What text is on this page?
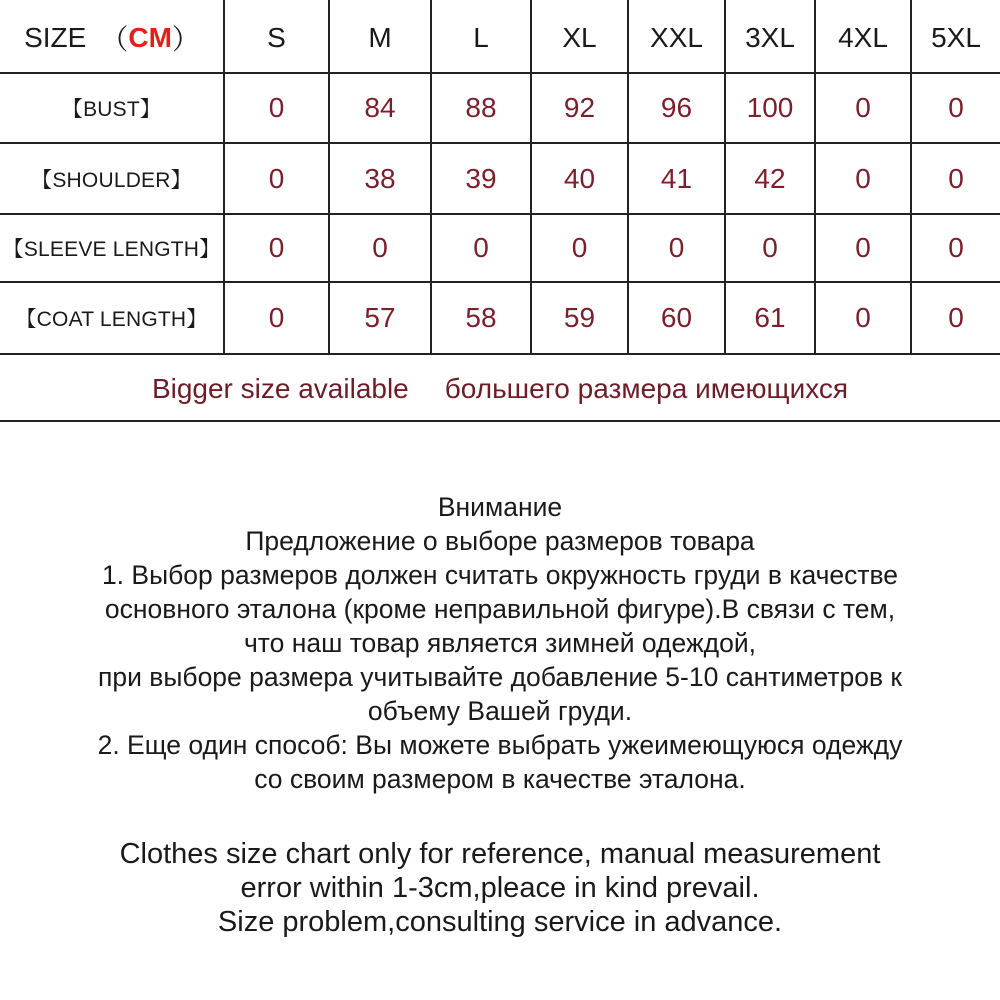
SIZE （ CM ）	S	M	L	XL	XXL	3XL	4XL	5XL
【BUST】	0	84	88	92	96	100	0	0
【SHOULDER】	0	38	39	40	41	42	0	0
【SLEEVE LENGTH】	0	0	0	0	0	0	0	0
【COAT LENGTH】	0	57	58	59	60	61	0	0
Bigger size available большего размера имеющихся
Внимание
Предложение о выборе размеров товара
1. Выбор размеров должен считать окружность груди в качестве
основного эталона (кроме неправильной фигуре).В связи с тем,
что наш товар является зимней одеждой,
при выборе размера учитывайте добавление 5-10 сантиметров к
объему Вашей груди.
2. Еще один способ: Вы можете выбрать ужеимеющуюся одежду
со своим размером в качестве эталона.
Clothes size chart only for reference, manual measurement
error within 1-3cm,pleace in kind prevail.
Size problem,consulting service in advance.
